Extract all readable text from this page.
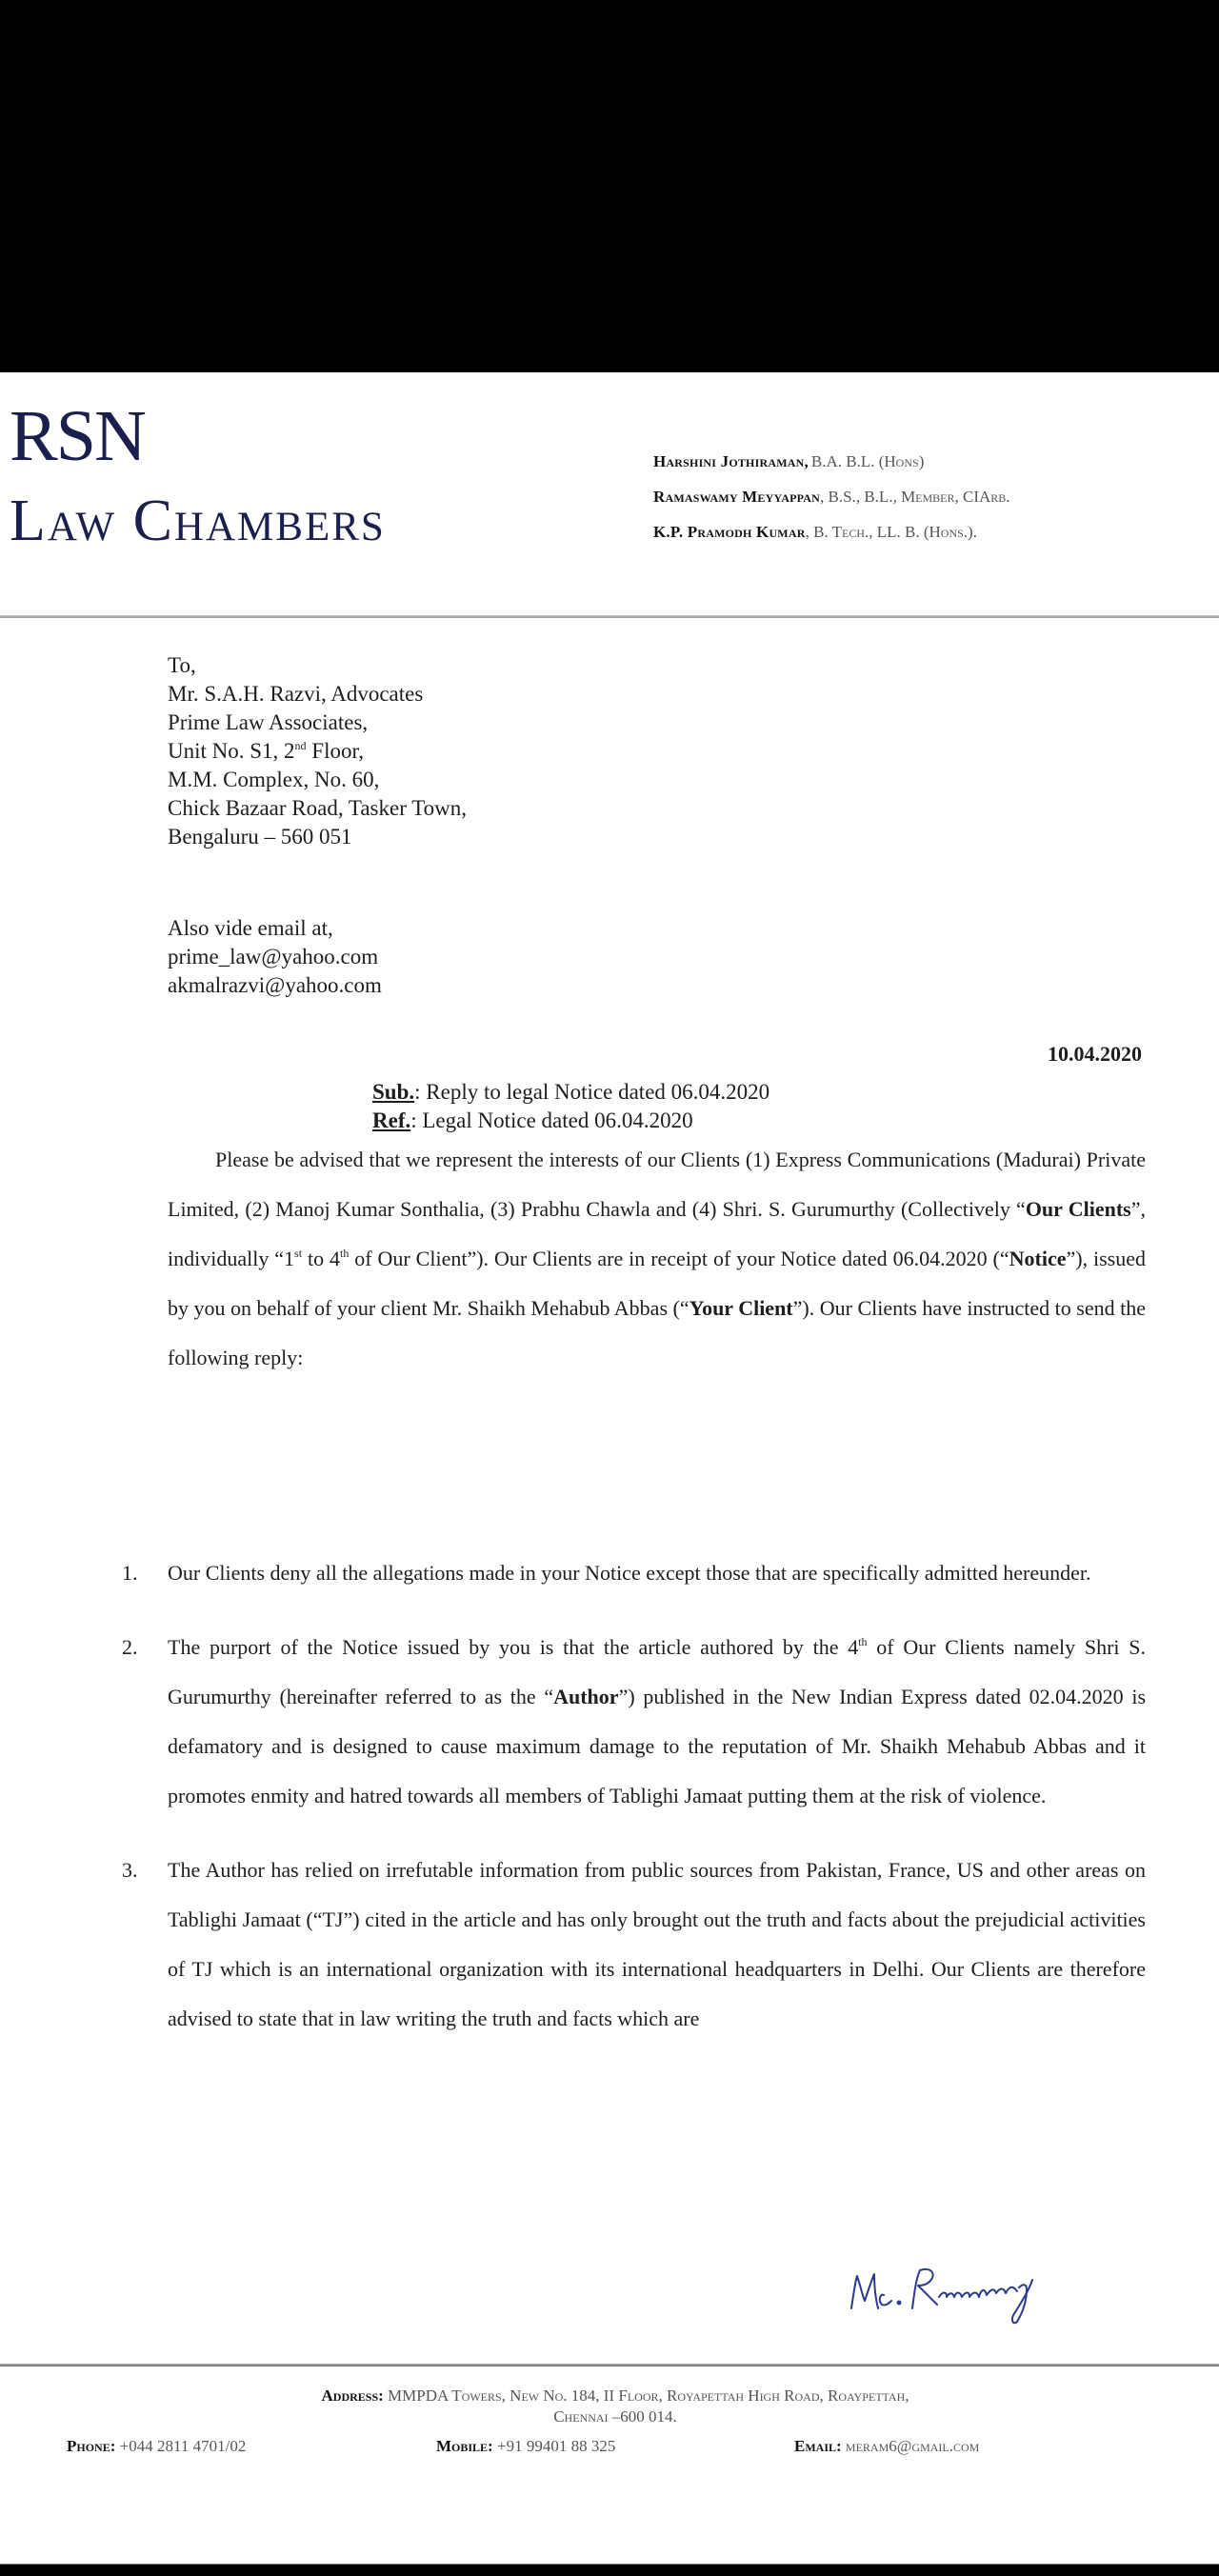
RSN
Law Chambers
Harshini Jothiraman, B.A. B.L. (Hons)
Ramaswamy Meyyappan, B.S., B.L., Member, CIArb.
K.P. Pramodh Kumar, B. Tech., LL. B. (Hons.).
To,
Mr. S.A.H. Razvi, Advocates
Prime Law Associates,
Unit No. S1, 2nd Floor,
M.M. Complex, No. 60,
Chick Bazaar Road, Tasker Town,
Bengaluru – 560 051
Also vide email at,
prime_law@yahoo.com
akmalrazvi@yahoo.com
10.04.2020
Sub.: Reply to legal Notice dated 06.04.2020
Ref.: Legal Notice dated 06.04.2020
Please be advised that we represent the interests of our Clients (1) Express Communications (Madurai) Private Limited, (2) Manoj Kumar Sonthalia, (3) Prabhu Chawla and (4) Shri. S. Gurumurthy (Collectively “Our Clients”, individually “1st to 4th of Our Client”). Our Clients are in receipt of your Notice dated 06.04.2020 (“Notice”), issued by you on behalf of your client Mr. Shaikh Mehabub Abbas (“Your Client”). Our Clients have instructed to send the following reply:
1.	Our Clients deny all the allegations made in your Notice except those that are specifically admitted hereunder.
2.	The purport of the Notice issued by you is that the article authored by the 4th of Our Clients namely Shri S. Gurumurthy (hereinafter referred to as the “Author”) published in the New Indian Express dated 02.04.2020 is defamatory and is designed to cause maximum damage to the reputation of Mr. Shaikh Mehabub Abbas and it promotes enmity and hatred towards all members of Tablighi Jamaat putting them at the risk of violence.
3.	The Author has relied on irrefutable information from public sources from Pakistan, France, US and other areas on Tablighi Jamaat (“TJ”) cited in the article and has only brought out the truth and facts about the prejudicial activities of TJ which is an international organization with its international headquarters in Delhi. Our Clients are therefore advised to state that in law writing the truth and facts which are
Address: MMPDA Towers, New No. 184, II Floor, Royapettah High Road, Roaypettah,
Chennai –600 014.
Phone: +044 2811 4701/02	Mobile: +91 99401 88 325	Email: meram6@gmail.com
